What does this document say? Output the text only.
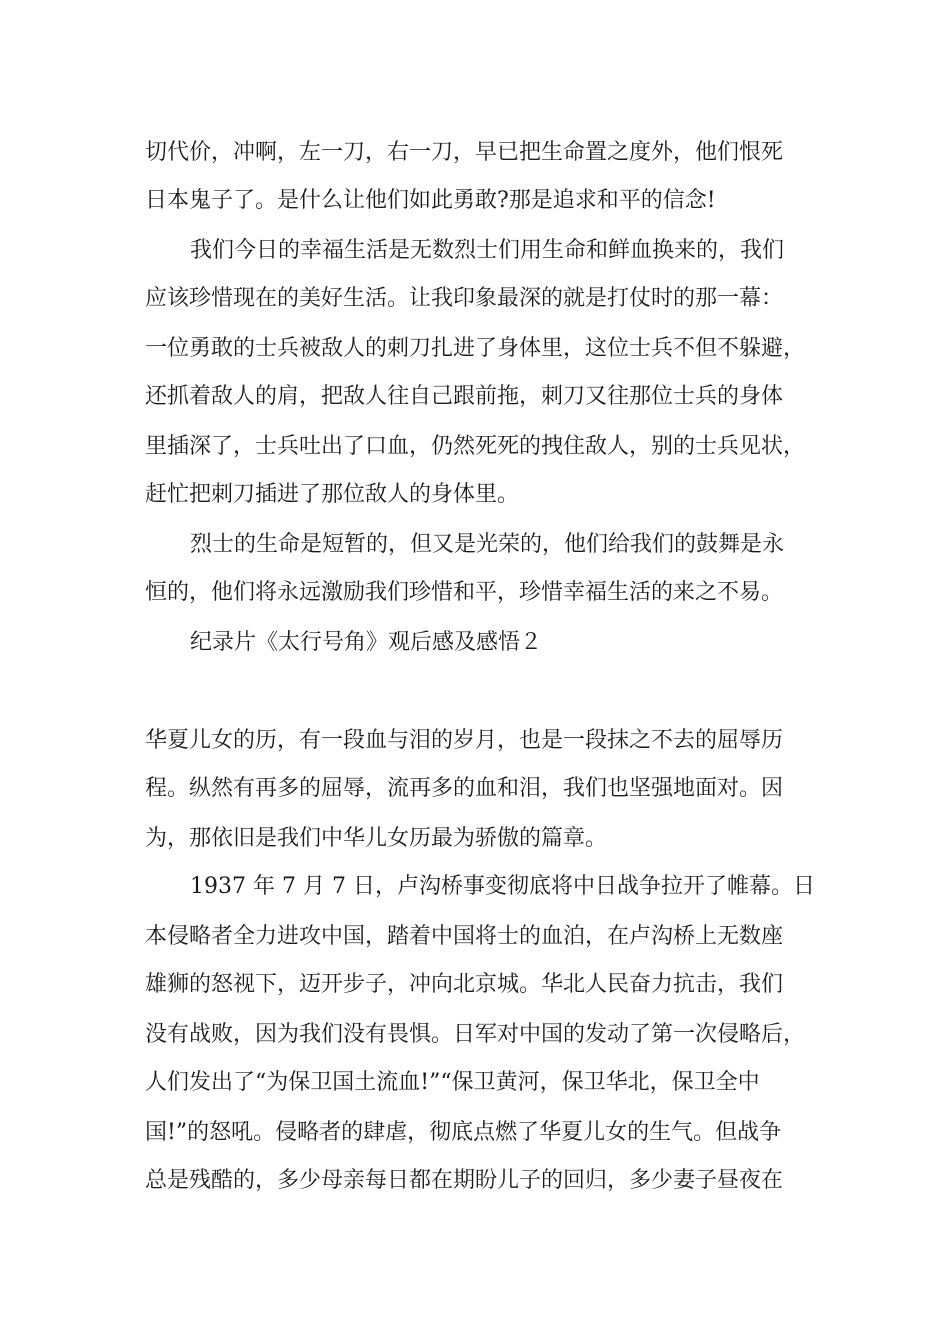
切代价，冲啊，左一刀，右一刀，早已把生命置之度外，他们恨死

日本鬼子了。是什么让他们如此勇敢?那是追求和平的信念!

我们今日的幸福生活是无数烈士们用生命和鲜血换来的，我们

应该珍惜现在的美好生活。让我印象最深的就是打仗时的那一幕：

一位勇敢的士兵被敌人的刺刀扎进了身体里，这位士兵不但不躲避，

还抓着敌人的肩，把敌人往自己跟前拖，刺刀又往那位士兵的身体

里插深了，士兵吐出了口血，仍然死死的拽住敌人，别的士兵见状，

赶忙把刺刀插进了那位敌人的身体里。

烈士的生命是短暂的，但又是光荣的，他们给我们的鼓舞是永

恒的，他们将永远激励我们珍惜和平，珍惜幸福生活的来之不易。

纪录片《太行号角》观后感及感悟２

华夏儿女的历，有一段血与泪的岁月，也是一段抹之不去的屈辱历

程。纵然有再多的屈辱，流再多的血和泪，我们也坚强地面对。因

为，那依旧是我们中华儿女历最为骄傲的篇章。

1937 年 7 月 7 日，卢沟桥事变彻底将中日战争拉开了帷幕。日

本侵略者全力进攻中国，踏着中国将士的血泊，在卢沟桥上无数座

雄狮的怒视下，迈开步子，冲向北京城。华北人民奋力抗击，我们

没有战败，因为我们没有畏惧。日军对中国的发动了第一次侵略后，

人们发出了“为保卫国土流血!”“保卫黄河，保卫华北，保卫全中

国!”的怒吼。侵略者的肆虐，彻底点燃了华夏儿女的生气。但战争

总是残酷的，多少母亲每日都在期盼儿子的回归，多少妻子昼夜在
